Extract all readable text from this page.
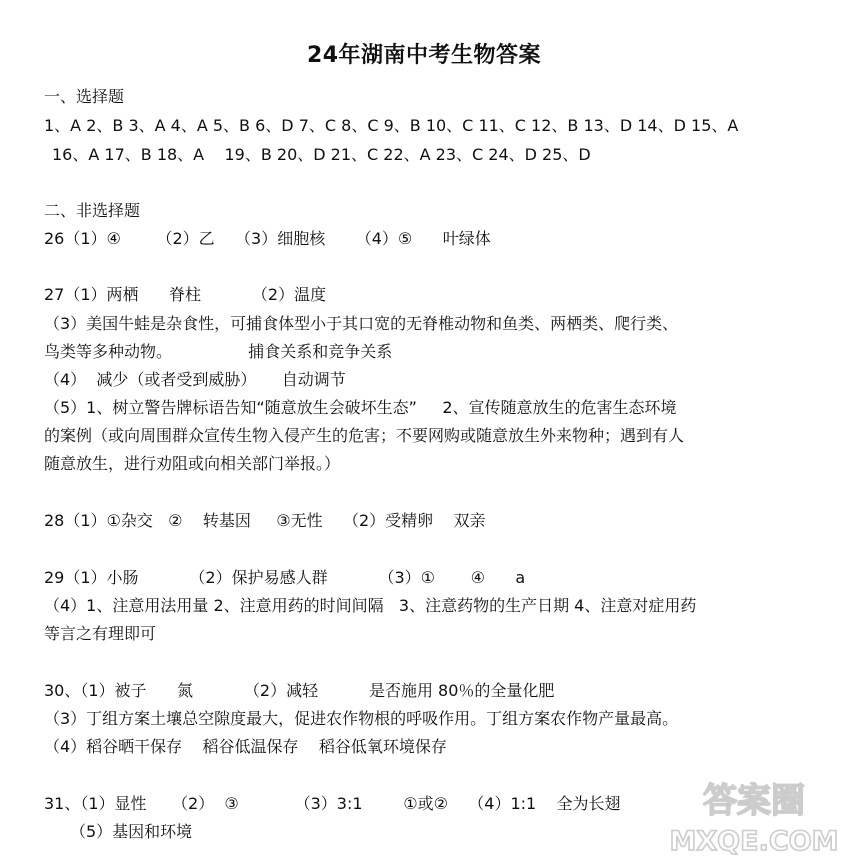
24年湖南中考生物答案
一、选择题
1、A 2、B 3、A 4、A 5、B 6、D 7、C 8、C 9、B 10、C 11、C 12、B 13、D 14、D 15、A
16、A 17、B 18、A    19、B 20、D 21、C 22、A 23、C 24、D 25、D
二、非选择题
26（1）④       （2）乙    （3）细胞核      （4）⑤      叶绿体
27（1）两栖      脊柱          （2）温度
（3）美国牛蛙是杂食性，可捕食体型小于其口宽的无脊椎动物和鱼类、两栖类、爬行类、
鸟类等多种动物。               捕食关系和竞争关系
（4）  减少（或者受到威胁）     自动调节
（5）1、树立警告牌标语告知“随意放生会破坏生态”     2、宣传随意放生的危害生态环境
的案例（或向周围群众宣传生物入侵产生的危害；不要网购或随意放生外来物种；遇到有人
随意放生，进行劝阻或向相关部门举报。）
28（1）①杂交   ②    转基因     ③无性    （2）受精卵    双亲
29（1）小肠          （2）保护易感人群          （3）①       ④      a
（4）1、注意用法用量 2、注意用药的时间间隔   3、注意药物的生产日期 4、注意对症用药
等言之有理即可
30、（1）被子      氮          （2）减轻          是否施用 80％的全量化肥
（3）丁组方案土壤总空隙度最大，促进农作物根的呼吸作用。丁组方案农作物产量最高。
（4）稻谷晒干保存    稻谷低温保存    稻谷低氧环境保存
31、（1）显性     （2）  ③           （3）3:1        ①或②    （4）1:1    全为长翅
（5）基因和环境
答案圈
MXQE.COM
